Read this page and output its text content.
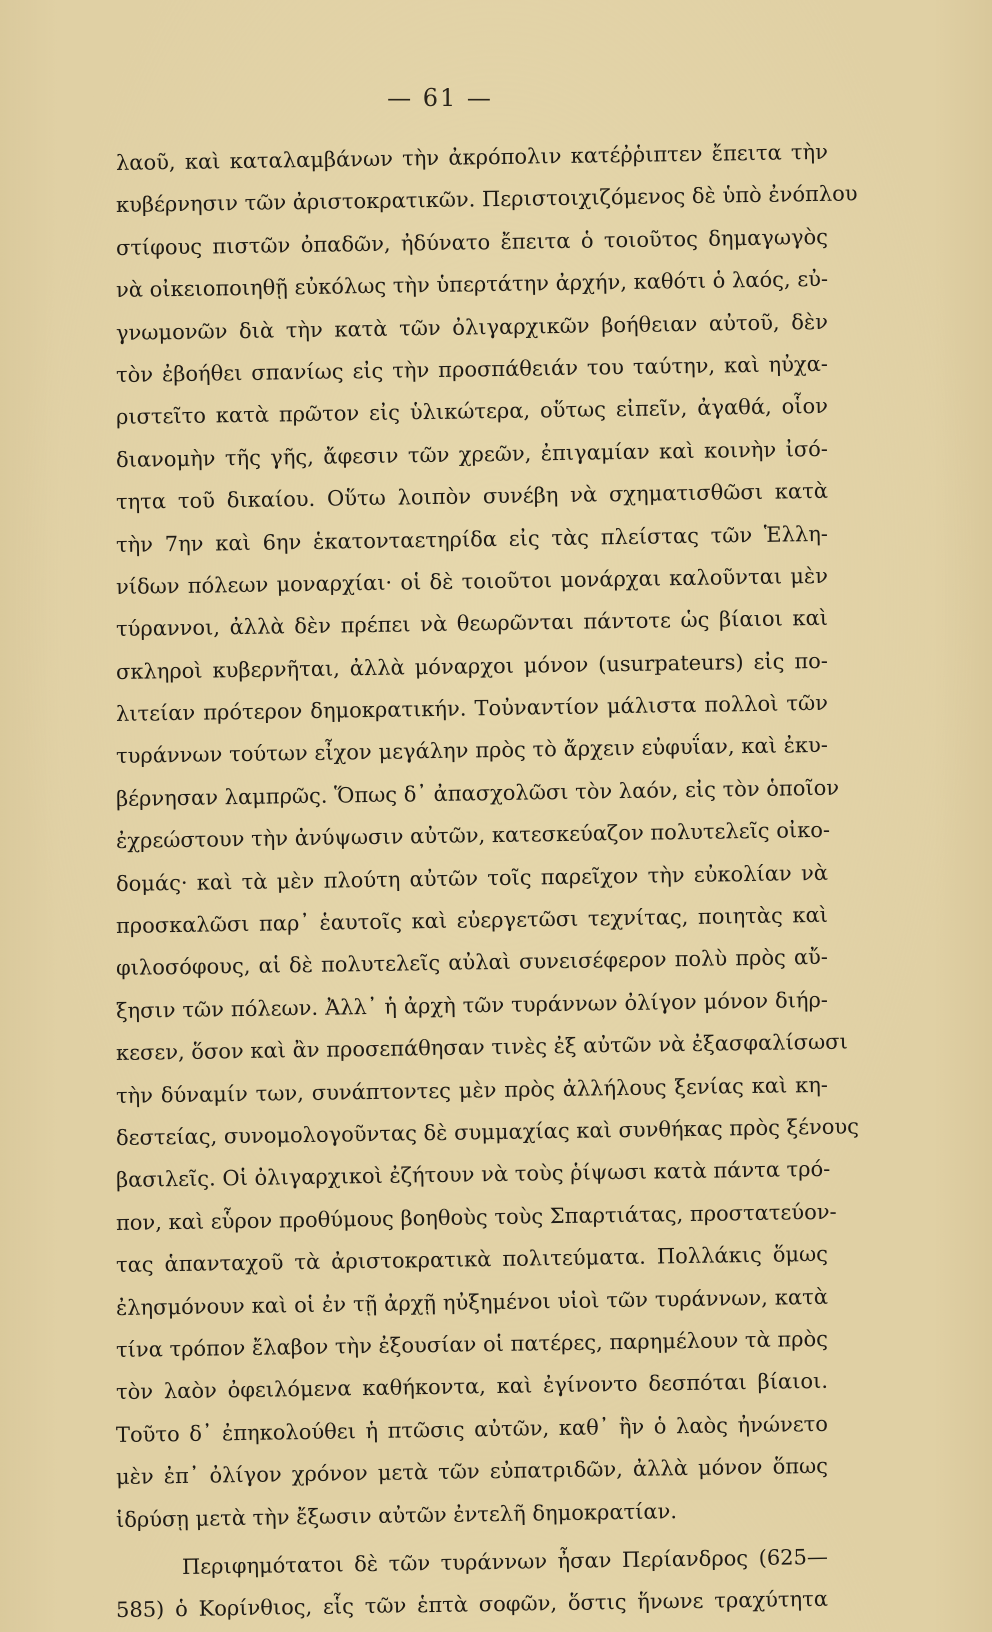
— 61 —
λαοῦ, καὶ καταλαμβάνων τὴν ἀκρόπολιν κατέῤῥιπτεν ἔπειτα τὴν
κυβέρνησιν τῶν ἀριστοκρατικῶν. Περιστοιχιζόμενος δὲ ὑπὸ ἐνόπλου
στίφους πιστῶν ὀπαδῶν, ἠδύνατο ἔπειτα ὁ τοιοῦτος δημαγωγὸς
νὰ οἰκειοποιηθῇ εὐκόλως τὴν ὑπερτάτην ἀρχήν, καθότι ὁ λαός, εὐ-
γνωμονῶν διὰ τὴν κατὰ τῶν ὀλιγαρχικῶν βοήθειαν αὐτοῦ, δὲν
τὸν ἐβοήθει σπανίως εἰς τὴν προσπάθειάν του ταύτην, καὶ ηὐχα-
ριστεῖτο κατὰ πρῶτον εἰς ὑλικώτερα, οὕτως εἰπεῖν, ἀγαθά, οἷον
διανομὴν τῆς γῆς, ἄφεσιν τῶν χρεῶν, ἐπιγαμίαν καὶ κοινὴν ἰσό-
τητα τοῦ δικαίου. Οὕτω λοιπὸν συνέβη νὰ σχηματισθῶσι κατὰ
τὴν 7ην καὶ 6ην ἑκατονταετηρίδα εἰς τὰς πλείστας τῶν Ἑλλη-
νίδων πόλεων μοναρχίαι· οἱ δὲ τοιοῦτοι μονάρχαι καλοῦνται μὲν
τύραννοι, ἀλλὰ δὲν πρέπει νὰ θεωρῶνται πάντοτε ὡς βίαιοι καὶ
σκληροὶ κυβερνῆται, ἀλλὰ μόναρχοι μόνον (usurpateurs) εἰς πο-
λιτείαν πρότερον δημοκρατικήν. Τοὐναντίον μάλιστα πολλοὶ τῶν
τυράννων τούτων εἶχον μεγάλην πρὸς τὸ ἄρχειν εὐφυΐαν, καὶ ἐκυ-
βέρνησαν λαμπρῶς. Ὅπως δ᾽ ἀπασχολῶσι τὸν λαόν, εἰς τὸν ὁποῖον
ἐχρεώστουν τὴν ἀνύψωσιν αὐτῶν, κατεσκεύαζον πολυτελεῖς οἰκο-
δομάς· καὶ τὰ μὲν πλούτη αὐτῶν τοῖς παρεῖχον τὴν εὐκολίαν νὰ
προσκαλῶσι παρ᾽ ἑαυτοῖς καὶ εὐεργετῶσι τεχνίτας, ποιητὰς καὶ
φιλοσόφους, αἱ δὲ πολυτελεῖς αὐλαὶ συνεισέφερον πολὺ πρὸς αὔ-
ξησιν τῶν πόλεων. Ἀλλ᾽ ἡ ἀρχὴ τῶν τυράννων ὀλίγον μόνον διήρ-
κεσεν, ὅσον καὶ ἂν προσεπάθησαν τινὲς ἐξ αὐτῶν νὰ ἐξασφαλίσωσι
τὴν δύναμίν των, συνάπτοντες μὲν πρὸς ἀλλήλους ξενίας καὶ κη-
δεστείας, συνομολογοῦντας δὲ συμμαχίας καὶ συνθήκας πρὸς ξένους
βασιλεῖς. Οἱ ὀλιγαρχικοὶ ἐζήτουν νὰ τοὺς ῥίψωσι κατὰ πάντα τρό-
πον, καὶ εὗρον προθύμους βοηθοὺς τοὺς Σπαρτιάτας, προστατεύον-
τας ἁπανταχοῦ τὰ ἀριστοκρατικὰ πολιτεύματα. Πολλάκις ὅμως
ἐλησμόνουν καὶ οἱ ἐν τῇ ἀρχῇ ηὐξημένοι υἱοὶ τῶν τυράννων, κατὰ
τίνα τρόπον ἔλαβον τὴν ἐξουσίαν οἱ πατέρες, παρημέλουν τὰ πρὸς
τὸν λαὸν ὀφειλόμενα καθήκοντα, καὶ ἐγίνοντο δεσπόται βίαιοι.
Τοῦτο δ᾽ ἐπηκολούθει ἡ πτῶσις αὐτῶν, καθ᾽ ἣν ὁ λαὸς ἠνώνετο
μὲν ἐπ᾽ ὀλίγον χρόνον μετὰ τῶν εὐπατριδῶν, ἀλλὰ μόνον ὅπως
ἱδρύσῃ μετὰ τὴν ἔξωσιν αὐτῶν ἐντελῆ δημοκρατίαν.
Περιφημότατοι δὲ τῶν τυράννων ἦσαν Περίανδρος (625—
585) ὁ Κορίνθιος, εἷς τῶν ἑπτὰ σοφῶν, ὅστις ἥνωνε τραχύτητα
